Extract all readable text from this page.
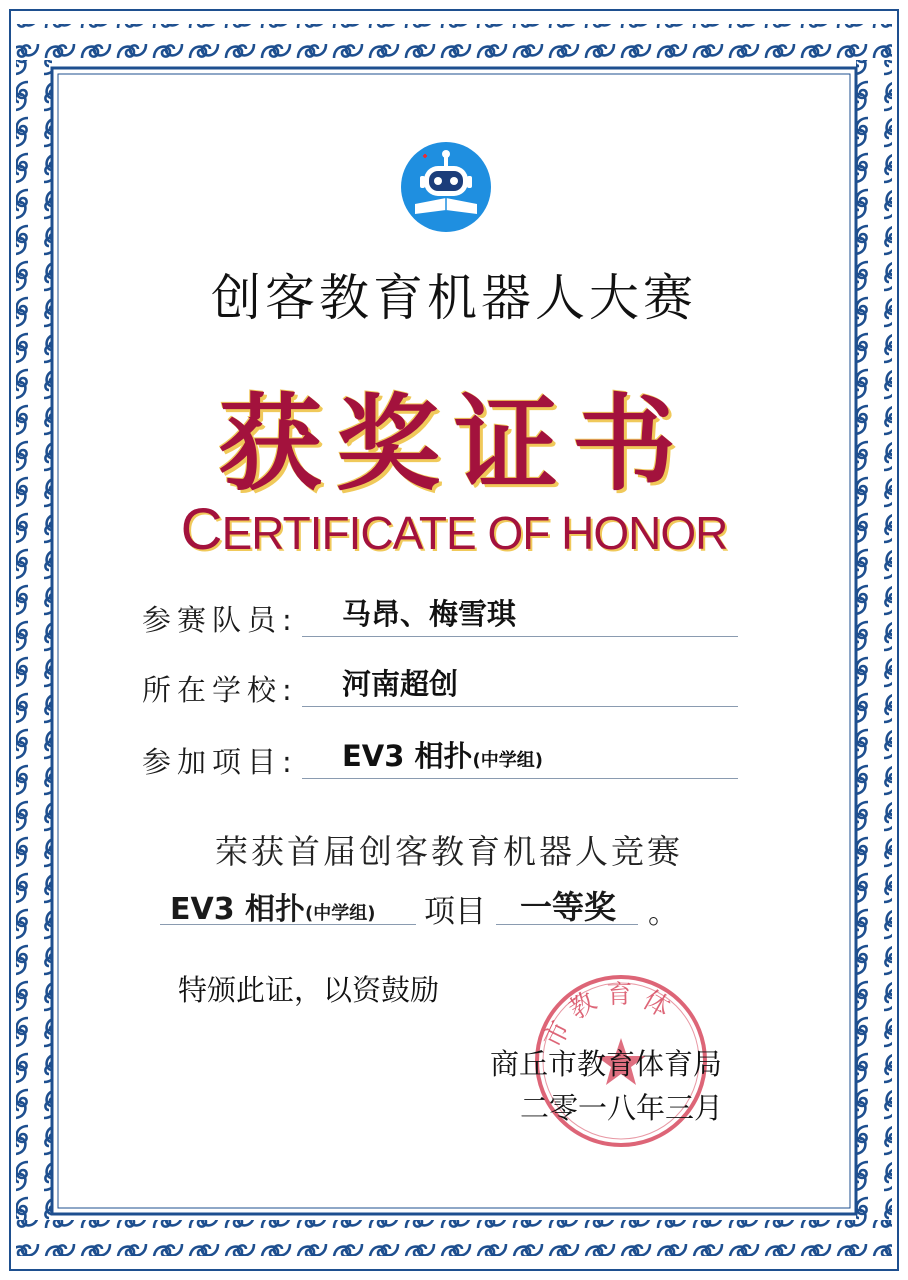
创客教育机器人大赛
获奖证书
CERTIFICATE OF HONOR
参赛队员: 马昂、梅雪琪
所在学校: 河南超创
参加项目: EV3 相扑(中学组)
荣获首届创客教育机器人竞赛
EV3 相扑(中学组) 项目 一等奖 。
特颁此证，以资鼓励
市 教 育 体
商丘市教育体育局
二零一八年三月
